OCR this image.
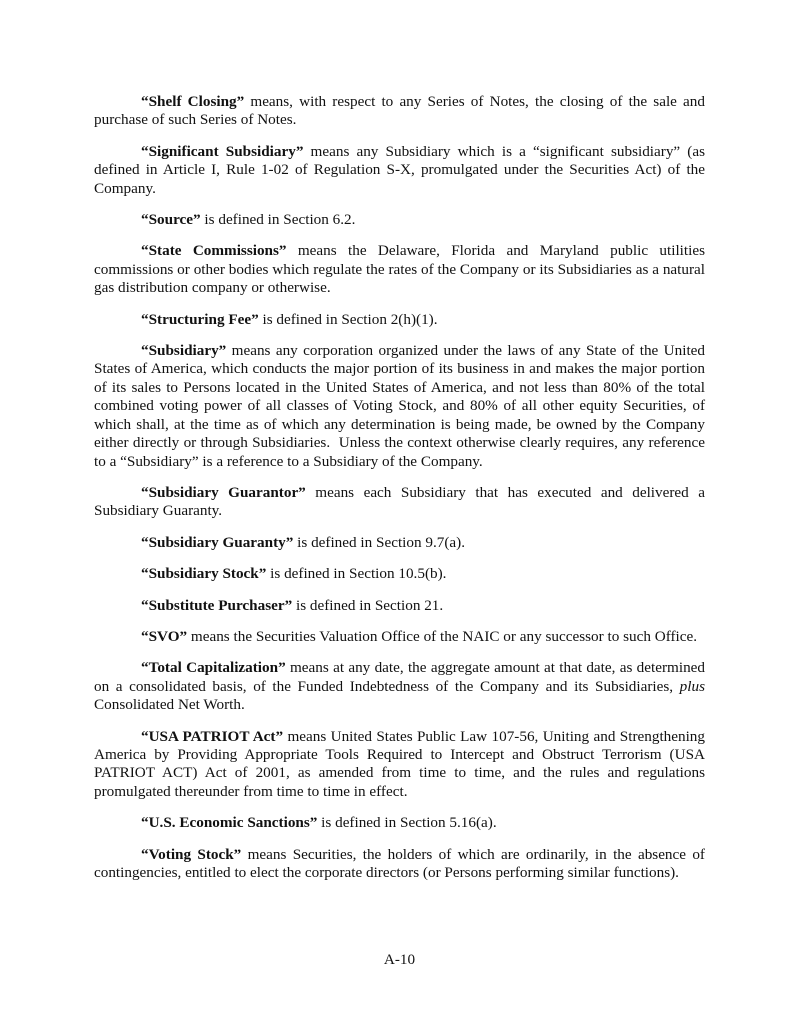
“Shelf Closing” means, with respect to any Series of Notes, the closing of the sale and purchase of such Series of Notes.

“Significant Subsidiary” means any Subsidiary which is a “significant subsidiary” (as defined in Article I, Rule 1-02 of Regulation S-X, promulgated under the Securities Act) of the Company.

“Source” is defined in Section 6.2.

“State Commissions” means the Delaware, Florida and Maryland public utilities commissions or other bodies which regulate the rates of the Company or its Subsidiaries as a natural gas distribution company or otherwise.

“Structuring Fee” is defined in Section 2(h)(1).

“Subsidiary” means any corporation organized under the laws of any State of the United States of America, which conducts the major portion of its business in and makes the major portion of its sales to Persons located in the United States of America, and not less than 80% of the total combined voting power of all classes of Voting Stock, and 80% of all other equity Securities, of which shall, at the time as of which any determination is being made, be owned by the Company either directly or through Subsidiaries.  Unless the context otherwise clearly requires, any reference to a “Subsidiary” is a reference to a Subsidiary of the Company.

“Subsidiary Guarantor” means each Subsidiary that has executed and delivered a Subsidiary Guaranty.

“Subsidiary Guaranty” is defined in Section 9.7(a).

“Subsidiary Stock” is defined in Section 10.5(b).

“Substitute Purchaser” is defined in Section 21.

“SVO” means the Securities Valuation Office of the NAIC or any successor to such Office.

“Total Capitalization” means at any date, the aggregate amount at that date, as determined on a consolidated basis, of the Funded Indebtedness of the Company and its Subsidiaries, plus Consolidated Net Worth.

“USA PATRIOT Act” means United States Public Law 107-56, Uniting and Strengthening America by Providing Appropriate Tools Required to Intercept and Obstruct Terrorism (USA PATRIOT ACT) Act of 2001, as amended from time to time, and the rules and regulations promulgated thereunder from time to time in effect.

“U.S. Economic Sanctions” is defined in Section 5.16(a).

“Voting Stock” means Securities, the holders of which are ordinarily, in the absence of contingencies, entitled to elect the corporate directors (or Persons performing similar functions).

A-10
